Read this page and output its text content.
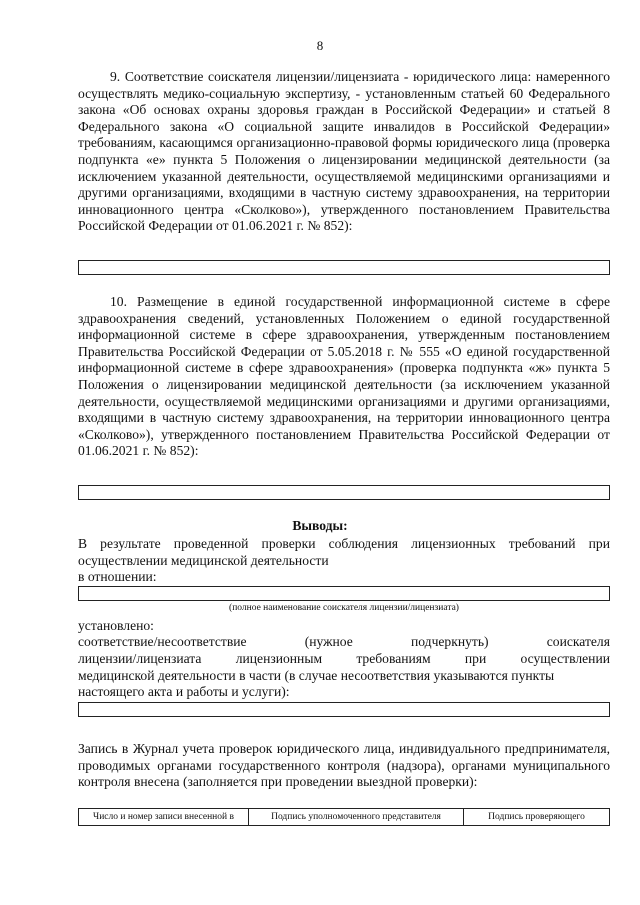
8

9. Соответствие соискателя лицензии/лицензиата - юридического лица: намеренного осуществлять медико-социальную экспертизу, - установленным статьей 60 Федерального закона «Об основах охраны здоровья граждан в Российской Федерации» и статьей 8 Федерального закона «О социальной защите инвалидов в Российской Федерации» требованиям, касающимся организационно-правовой формы юридического лица (проверка подпункта «е» пункта 5 Положения о лицензировании медицинской деятельности (за исключением указанной деятельности, осуществляемой медицинскими организациями и другими организациями, входящими в частную систему здравоохранения, на территории инновационного центра «Сколково»), утвержденного постановлением Правительства Российской Федерации от 01.06.2021 г. № 852):

10. Размещение в единой государственной информационной системе в сфере здравоохранения сведений, установленных Положением о единой государственной информационной системе в сфере здравоохранения, утвержденным постановлением Правительства Российской Федерации от 5.05.2018 г. № 555 «О единой государственной информационной системе в сфере здравоохранения» (проверка подпункта «ж» пункта 5 Положения о лицензировании медицинской деятельности (за исключением указанной деятельности, осуществляемой медицинскими организациями и другими организациями, входящими в частную систему здравоохранения, на территории инновационного центра «Сколково»), утвержденного постановлением Правительства Российской Федерации от 01.06.2021 г. № 852):

Выводы:

В результате проведенной проверки соблюдения лицензионных требований при осуществлении медицинской деятельности

в отношении:

(полное наименование соискателя лицензии/лицензиата)

установлено:

соответствие/несоответствие	(нужное	подчеркнуть)	соискателя
лицензии/лицензиата	лицензионным	требованиям	при	осуществлении

медицинской деятельности в части (в случае несоответствия указываются пункты

настоящего акта и работы и услуги):

Запись в Журнал учета проверок юридического лица, индивидуального предпринимателя, проводимых органами государственного контроля (надзора), органами муниципального контроля внесена (заполняется при проведении выездной проверки):

Число и номер записи внесенной в	Подпись уполномоченного представителя	Подпись проверяющего
